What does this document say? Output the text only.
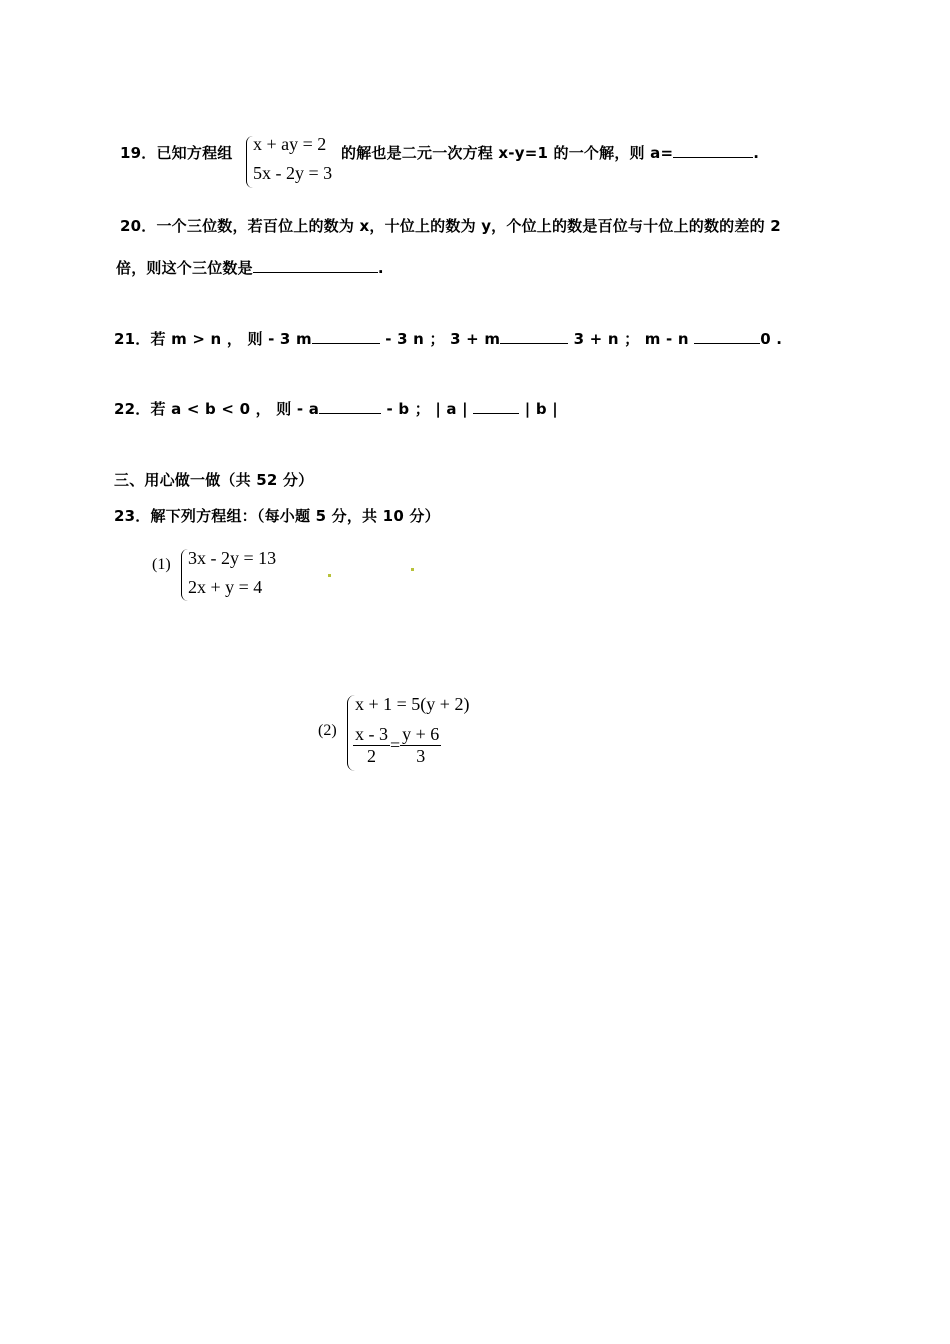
19．已知方程组 x + ay = 2
5x - 2y = 3
的解也是二元一次方程 x-y=1 的一个解，则 a=	.
20．一个三位数，若百位上的数为 x，十位上的数为 y，个位上的数是百位与十位上的数的差的 2
倍，则这个三位数是	.
21．若 m > n ， 则 - 3 m	- 3 n ； 3 + m	3 + n ； m - n	0 .
22．若 a < b < 0 ， 则 - a	- b ； | a |	| b |
三、用心做一做（共 52 分）
23．解下列方程组：（每小题 5 分，共 10 分）
(1) 3x - 2y = 13
2x + y = 4
(2)
x + 1 = 5(y + 2)
$\frac{x - 3}{2} = \frac{y + 6}{3}$
